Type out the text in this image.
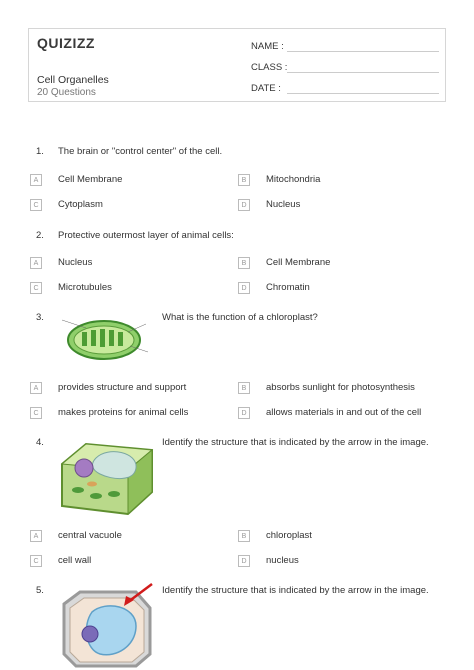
QUIZIZZ
Cell Organelles
20 Questions
NAME :
CLASS :
DATE :
1. The brain or "control center" of the cell.
A	Cell Membrane	B	Mitochondria
C	Cytoplasm	D	Nucleus
2. Protective outermost layer of animal cells:
A	Nucleus	B	Cell Membrane
C	Microtubules	D	Chromatin
3.	What is the function of a chloroplast?
A	provides structure and support	B	absorbs sunlight for photosynthesis
C	makes proteins for animal cells	D	allows materials in and out of the cell
4.	Identify the structure that is indicated by the arrow in the image.
A	central vacuole	B	chloroplast
C	cell wall	D	nucleus
5.	Identify the structure that is indicated by the arrow in the image.
